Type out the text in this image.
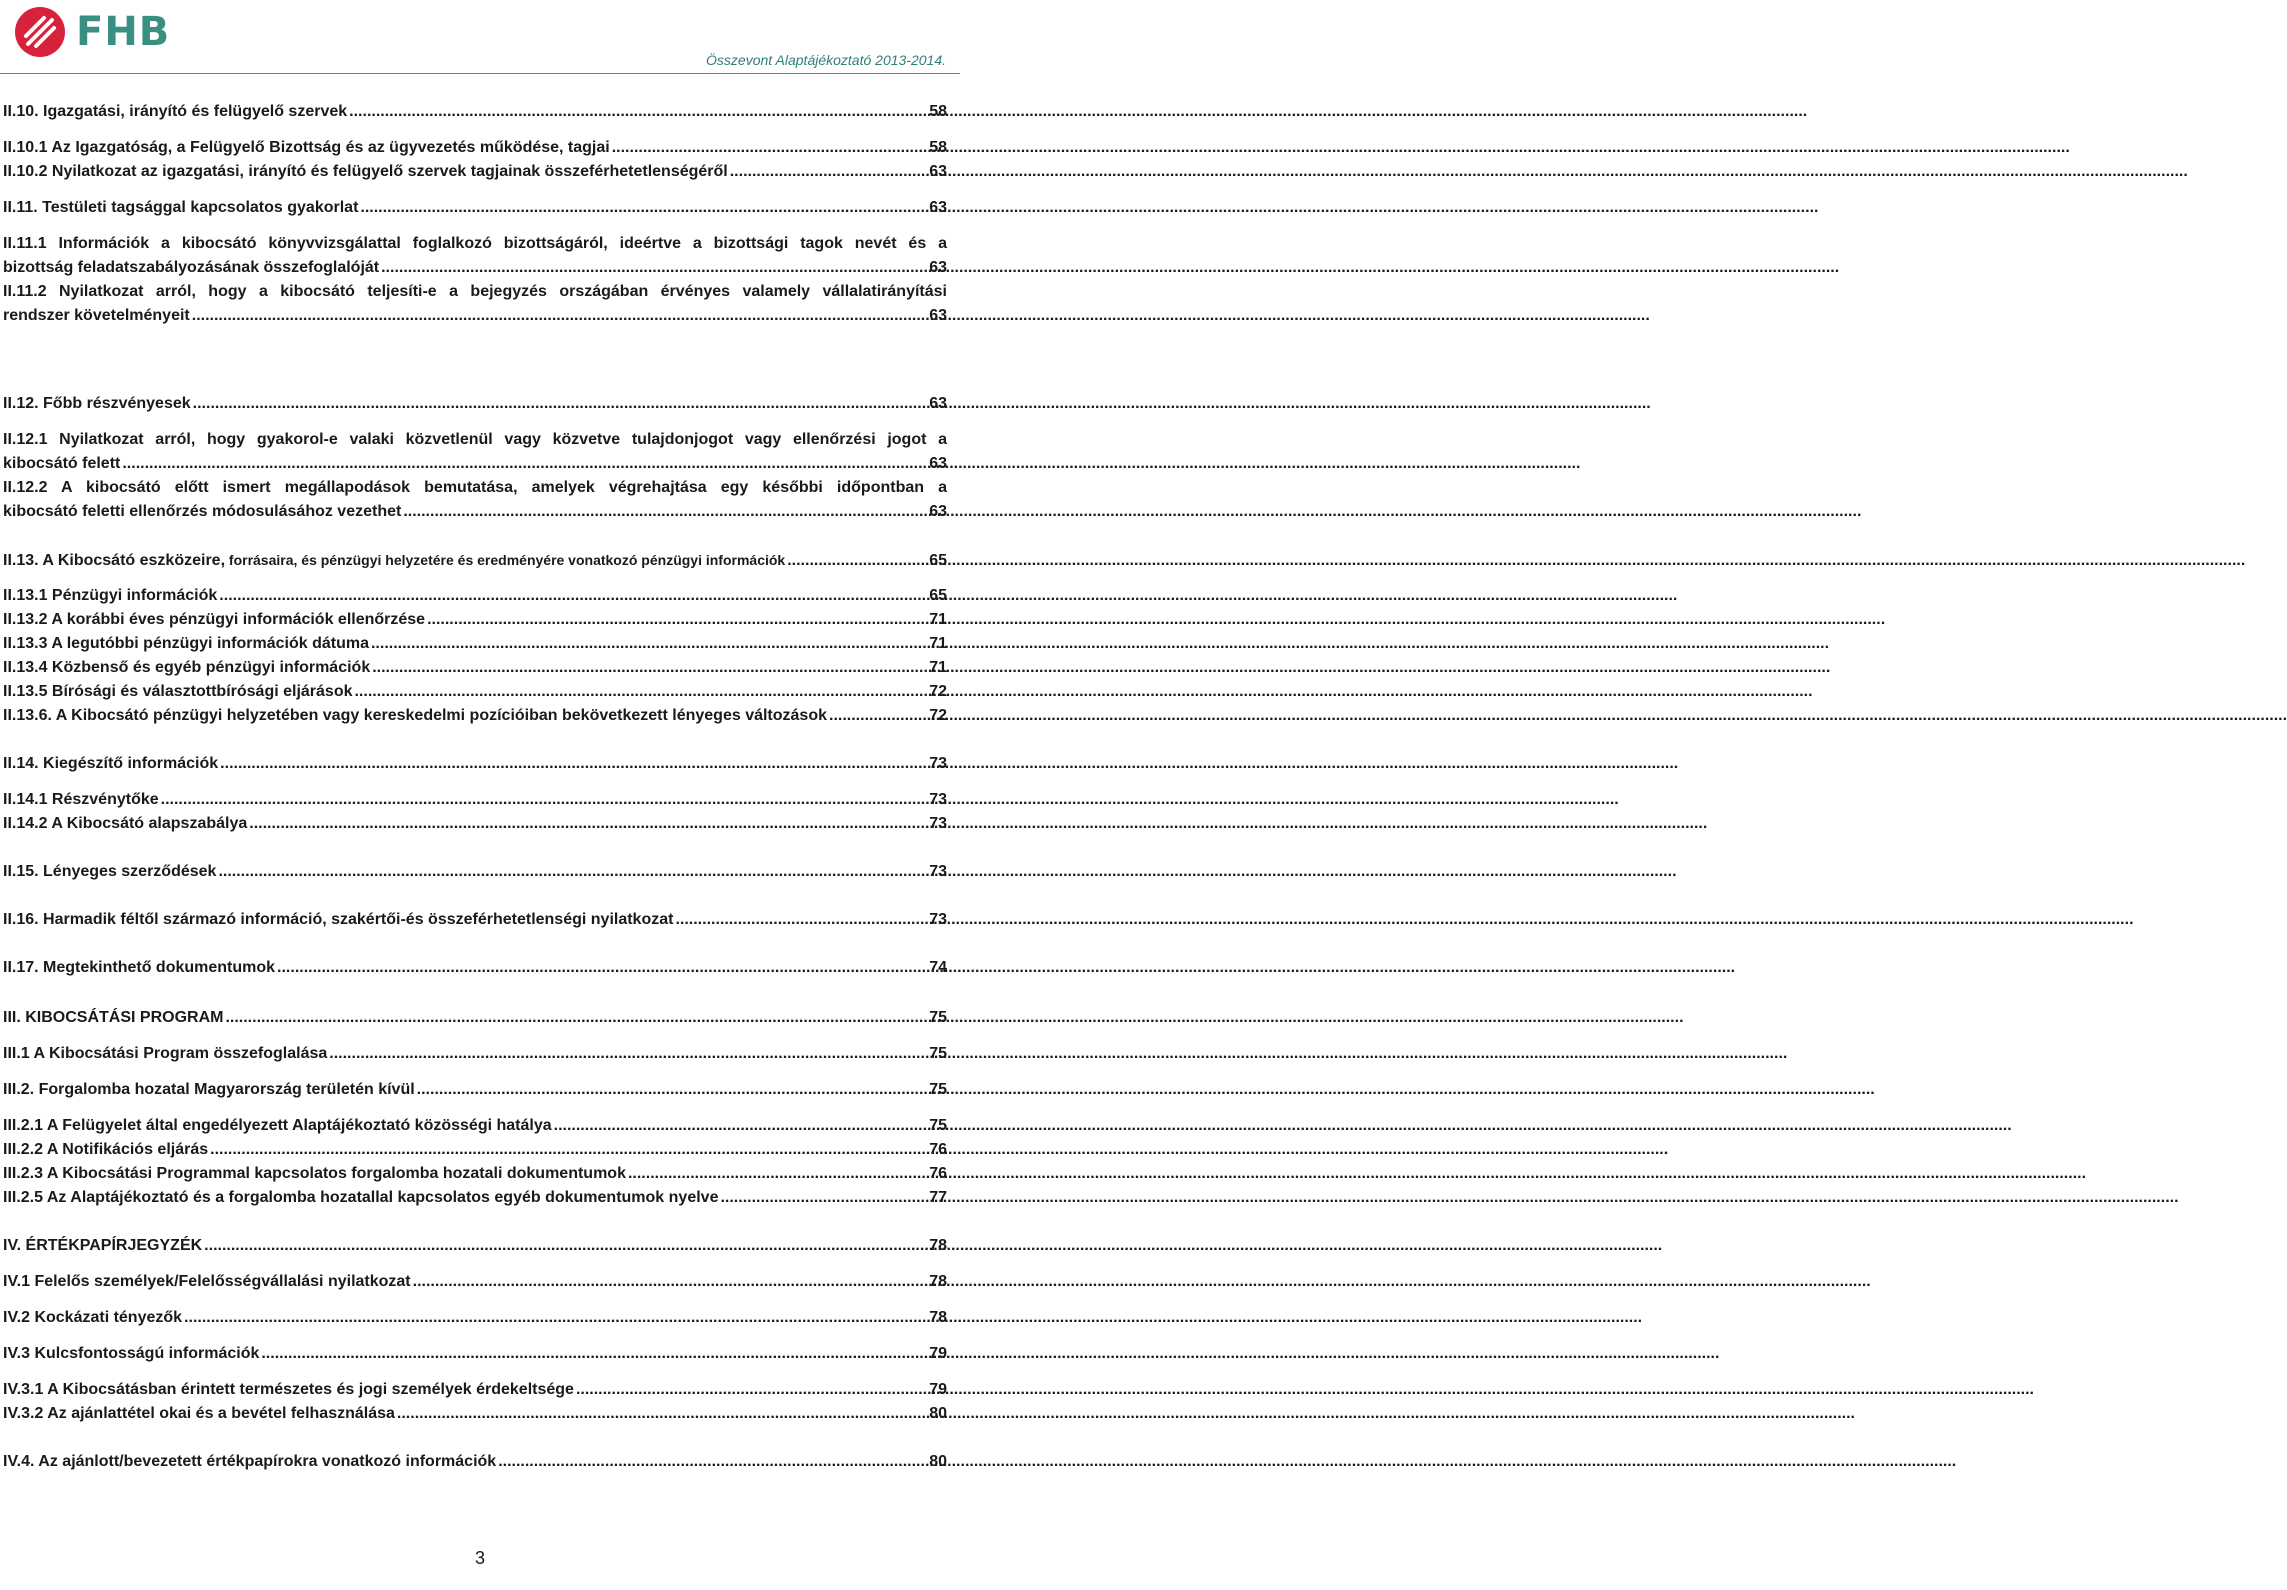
FHB
Összevont Alaptájékoztató 2013-2014.
II.10. Igazgatási, irányító és felügyelő szervek .....	58
II.10.1 Az Igazgatóság, a Felügyelő Bizottság és az ügyvezetés működése, tagjai .....	58
II.10.2 Nyilatkozat az igazgatási, irányító és felügyelő szervek tagjainak összeférhetetlenségéről .....	63
II.11. Testületi tagsággal kapcsolatos gyakorlat .....	63
II.11.1 Információk a kibocsátó könyvvizsgálattal foglalkozó bizottságáról, ideértve a bizottsági tagok nevét és a
bizottság feladatszabályozásának összefoglalóját .....	63
II.11.2 Nyilatkozat arról, hogy a kibocsátó teljesíti-e a bejegyzés országában érvényes valamely vállalatirányítási
rendszer követelményeit .....	63
II.12. Főbb részvényesek .....	63
II.12.1 Nyilatkozat arról, hogy gyakorol-e valaki közvetlenül vagy közvetve tulajdonjogot vagy ellenőrzési jogot a
kibocsátó felett .....	63
II.12.2 A kibocsátó előtt ismert megállapodások bemutatása, amelyek végrehajtása egy későbbi időpontban a
kibocsátó feletti ellenőrzés módosulásához vezethet .....	63
II.13. A Kibocsátó eszközeire, forrásaira, és pénzügyi helyzetére és eredményére vonatkozó pénzügyi információk .....	65
II.13.1 Pénzügyi információk .....	65
II.13.2 A korábbi éves pénzügyi információk ellenőrzése .....	71
II.13.3 A legutóbbi pénzügyi információk dátuma .....	71
II.13.4 Közbenső és egyéb pénzügyi információk .....	71
II.13.5 Bírósági és választottbírósági eljárások .....	72
II.13.6. A Kibocsátó pénzügyi helyzetében vagy kereskedelmi pozícióiban bekövetkezett lényeges változások .....	72
II.14. Kiegészítő információk .....	73
II.14.1 Részvénytőke .....	73
II.14.2 A Kibocsátó alapszabálya .....	73
II.15. Lényeges szerződések .....	73
II.16. Harmadik féltől származó információ, szakértői-és összeférhetetlenségi nyilatkozat .....	73
II.17. Megtekinthető dokumentumok .....	74
III. KIBOCSÁTÁSI PROGRAM .....	75
III.1 A Kibocsátási Program összefoglalása .....	75
III.2. Forgalomba hozatal Magyarország területén kívül .....	75
III.2.1 A Felügyelet által engedélyezett Alaptájékoztató közösségi hatálya .....	75
III.2.2 A Notifikációs eljárás .....	76
III.2.3 A Kibocsátási Programmal kapcsolatos forgalomba hozatali dokumentumok .....	76
III.2.5 Az Alaptájékoztató és a forgalomba hozatallal kapcsolatos egyéb dokumentumok nyelve .....	77
IV. ÉRTÉKPAPÍRJEGYZÉK .....	78
IV.1 Felelős személyek/Felelősségvállalási nyilatkozat .....	78
IV.2 Kockázati tényezők .....	78
IV.3 Kulcsfontosságú információk .....	79
IV.3.1 A Kibocsátásban érintett természetes és jogi személyek érdekeltsége .....	79
IV.3.2 Az ajánlattétel okai és a bevétel felhasználása .....	80
IV.4. Az ajánlott/bevezetett értékpapírokra vonatkozó információk .....	80
3
